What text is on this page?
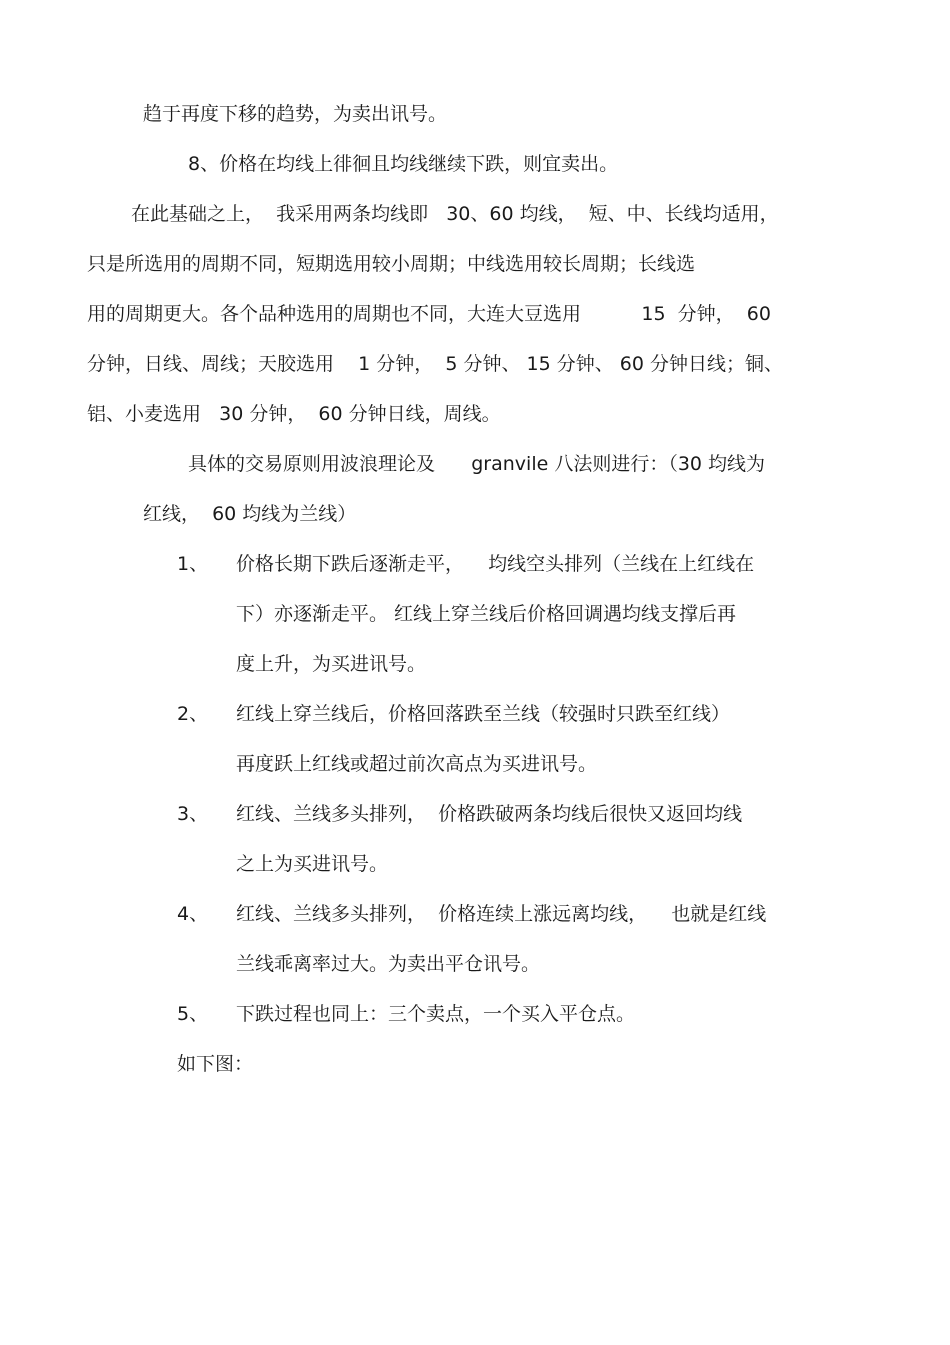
趋于再度下移的趋势，为卖出讯号。
8、价格在均线上徘徊且均线继续下跌，则宜卖出。
在此基础之上，  我采用两条均线即   30、60 均线，  短、中、长线均适用，
只是所选用的周期不同，短期选用较小周期；中线选用较长周期；长线选
用的周期更大。各个品种选用的周期也不同，大连大豆选用          15  分钟，  60
分钟，日线、周线；天胶选用    1 分钟，  5 分钟、 15 分钟、 60 分钟日线；铜、
铝、小麦选用   30 分钟，  60 分钟日线，周线。
具体的交易原则用波浪理论及      granvile 八法则进行：（30 均线为
红线，  60 均线为兰线）
1、 价格长期下跌后逐渐走平，    均线空头排列（兰线在上红线在
下）亦逐渐走平。 红线上穿兰线后价格回调遇均线支撑后再
度上升，为买进讯号。
2、 红线上穿兰线后，价格回落跌至兰线（较强时只跌至红线）
再度跃上红线或超过前次高点为买进讯号。
3、 红线、兰线多头排列，  价格跌破两条均线后很快又返回均线
之上为买进讯号。
4、 红线、兰线多头排列，  价格连续上涨远离均线，    也就是红线
兰线乖离率过大。为卖出平仓讯号。
5、 下跌过程也同上：三个卖点，一个买入平仓点。
如下图：
